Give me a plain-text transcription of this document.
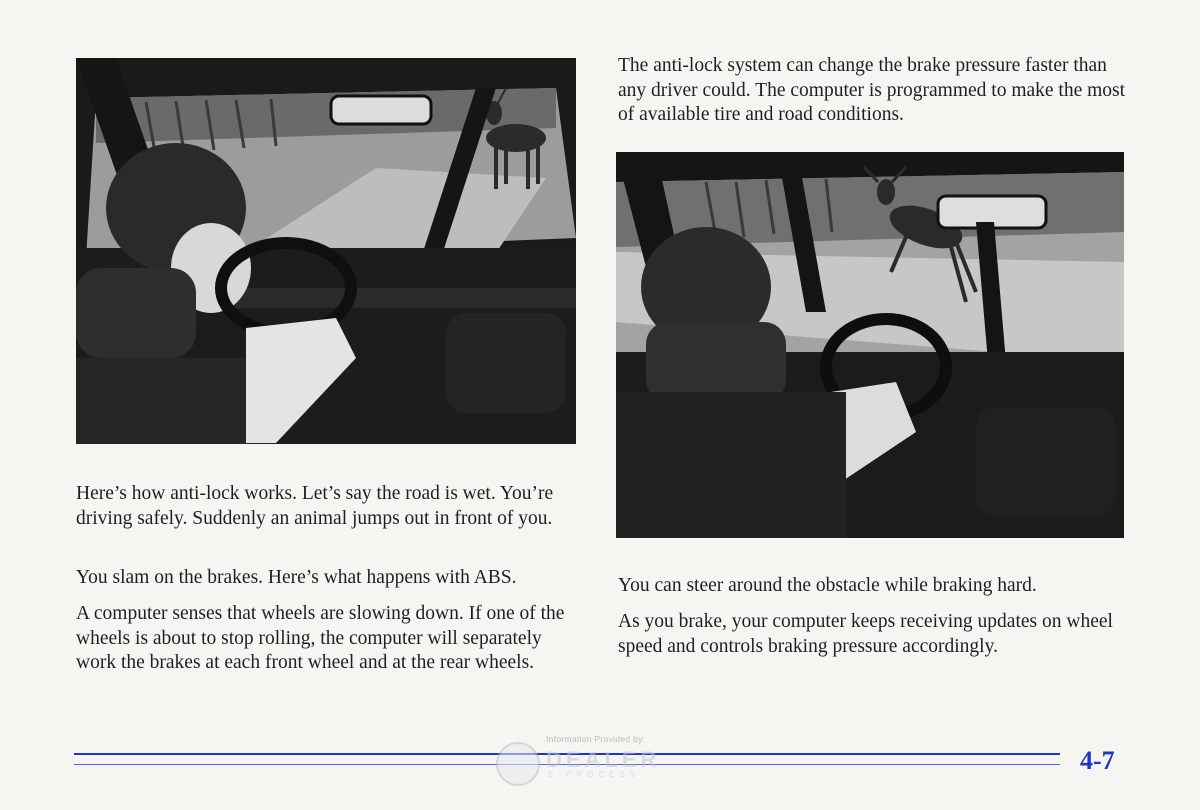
The anti-lock system can change the brake pressure faster than any driver could. The computer is programmed to make the most of available tire and road conditions.

Here’s how anti-lock works. Let’s say the road is wet. You’re driving safely. Suddenly an animal jumps out in front of you.

You slam on the brakes. Here’s what happens with ABS.

A computer senses that wheels are slowing down. If one of the wheels is about to stop rolling, the computer will separately work the brakes at each front wheel and at the rear wheels.

You can steer around the obstacle while braking hard.

As you brake, your computer keeps receiving updates on wheel speed and controls braking pressure accordingly.

4-7
Information Provided by:
DEALER
E-PROCESS
